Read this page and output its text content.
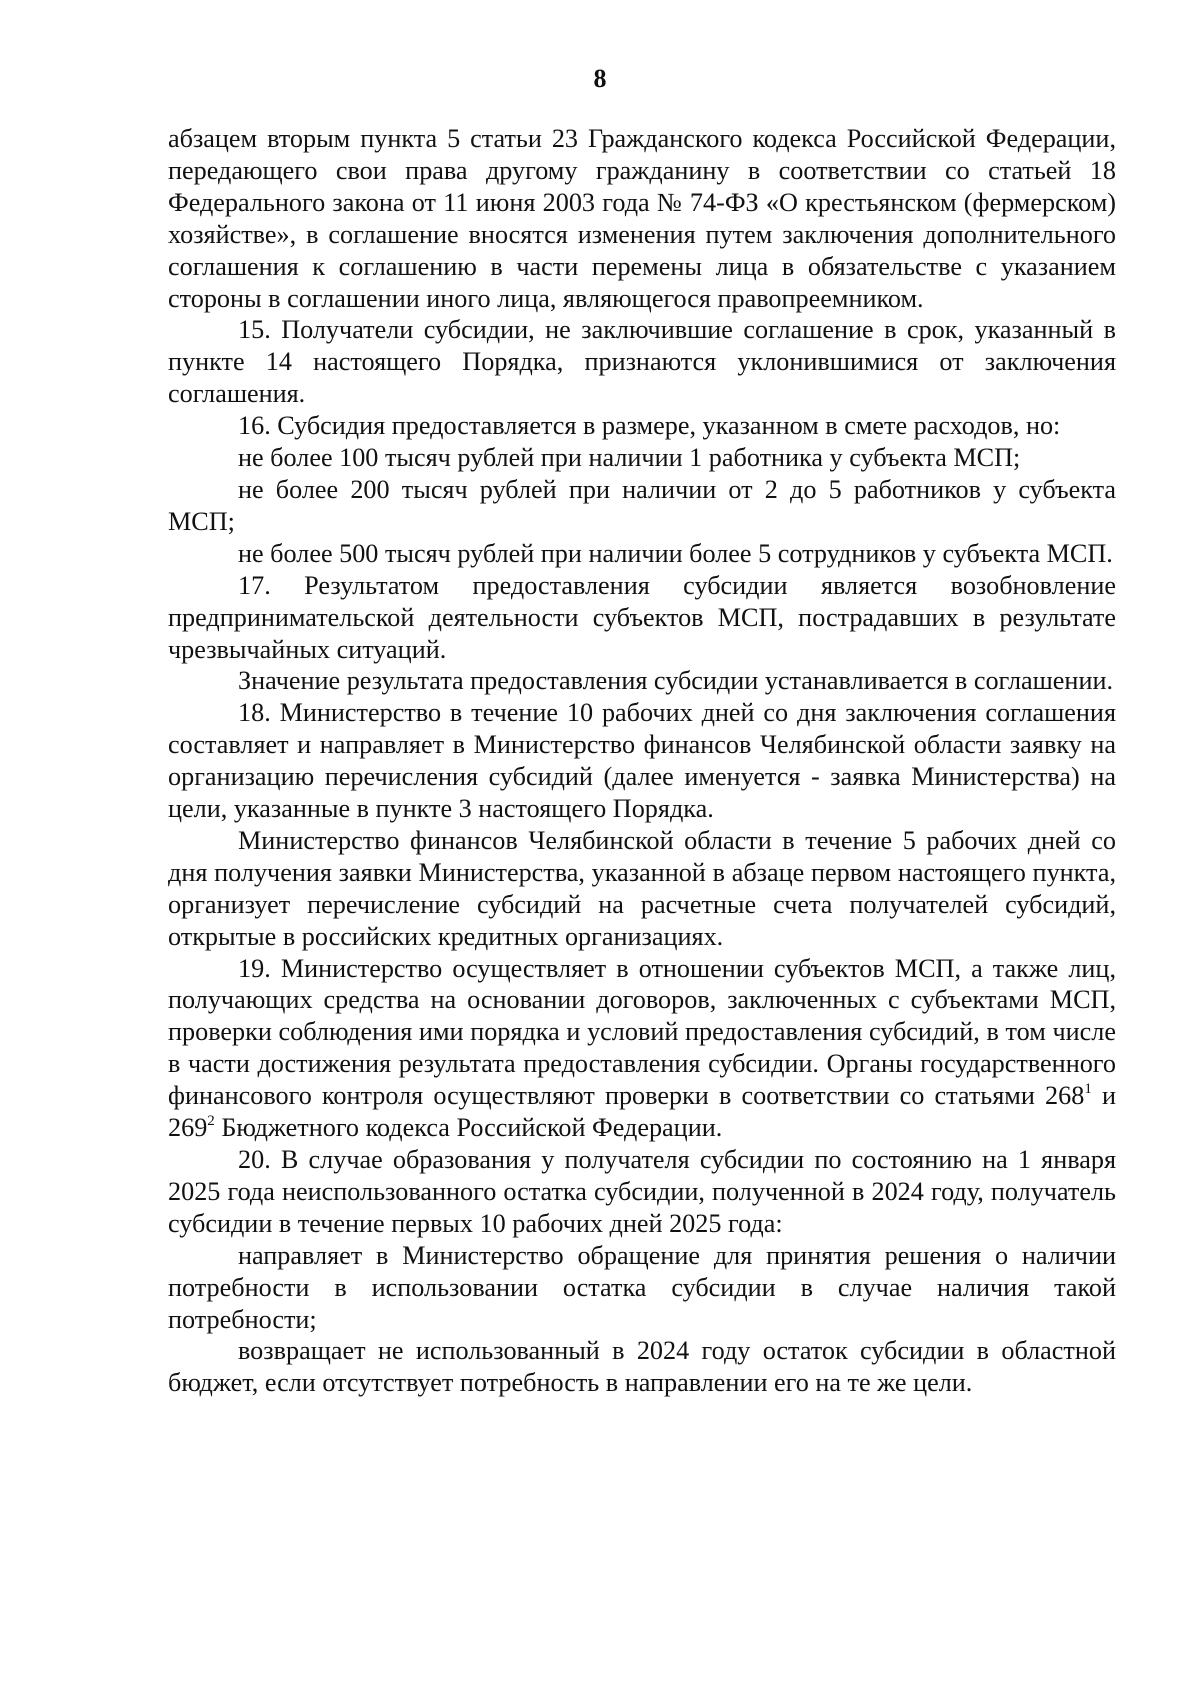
8

абзацем вторым пункта 5 статьи 23 Гражданского кодекса Российской Федерации, передающего свои права другому гражданину в соответствии со статьей 18 Федерального закона от 11 июня 2003 года № 74-ФЗ «О крестьянском (фермерском) хозяйстве», в соглашение вносятся изменения путем заключения дополнительного соглашения к соглашению в части перемены лица в обязательстве с указанием стороны в соглашении иного лица, являющегося правопреемником.

15. Получатели субсидии, не заключившие соглашение в срок, указанный в пункте 14 настоящего Порядка, признаются уклонившимися от заключения соглашения.

16. Субсидия предоставляется в размере, указанном в смете расходов, но:

не более 100 тысяч рублей при наличии 1 работника у субъекта МСП;

не более 200 тысяч рублей при наличии от 2 до 5 работников у субъекта МСП;

не более 500 тысяч рублей при наличии более 5 сотрудников у субъекта МСП.

17. Результатом предоставления субсидии является возобновление предпринимательской деятельности субъектов МСП, пострадавших в результате чрезвычайных ситуаций.

Значение результата предоставления субсидии устанавливается в соглашении.

18. Министерство в течение 10 рабочих дней со дня заключения соглашения составляет и направляет в Министерство финансов Челябинской области заявку на организацию перечисления субсидий (далее именуется - заявка Министерства) на цели, указанные в пункте 3 настоящего Порядка.

Министерство финансов Челябинской области в течение 5 рабочих дней со дня получения заявки Министерства, указанной в абзаце первом настоящего пункта, организует перечисление субсидий на расчетные счета получателей субсидий, открытые в российских кредитных организациях.

19. Министерство осуществляет в отношении субъектов МСП, а также лиц, получающих средства на основании договоров, заключенных с субъектами МСП, проверки соблюдения ими порядка и условий предоставления субсидий, в том числе в части достижения результата предоставления субсидии. Органы государственного финансового контроля осуществляют проверки в соответствии со статьями $268^1$ и $269^2$ Бюджетного кодекса Российской Федерации.

20. В случае образования у получателя субсидии по состоянию на 1 января 2025 года неиспользованного остатка субсидии, полученной в 2024 году, получатель субсидии в течение первых 10 рабочих дней 2025 года:

направляет в Министерство обращение для принятия решения о наличии потребности в использовании остатка субсидии в случае наличия такой потребности;

возвращает не использованный в 2024 году остаток субсидии в областной бюджет, если отсутствует потребность в направлении его на те же цели.
